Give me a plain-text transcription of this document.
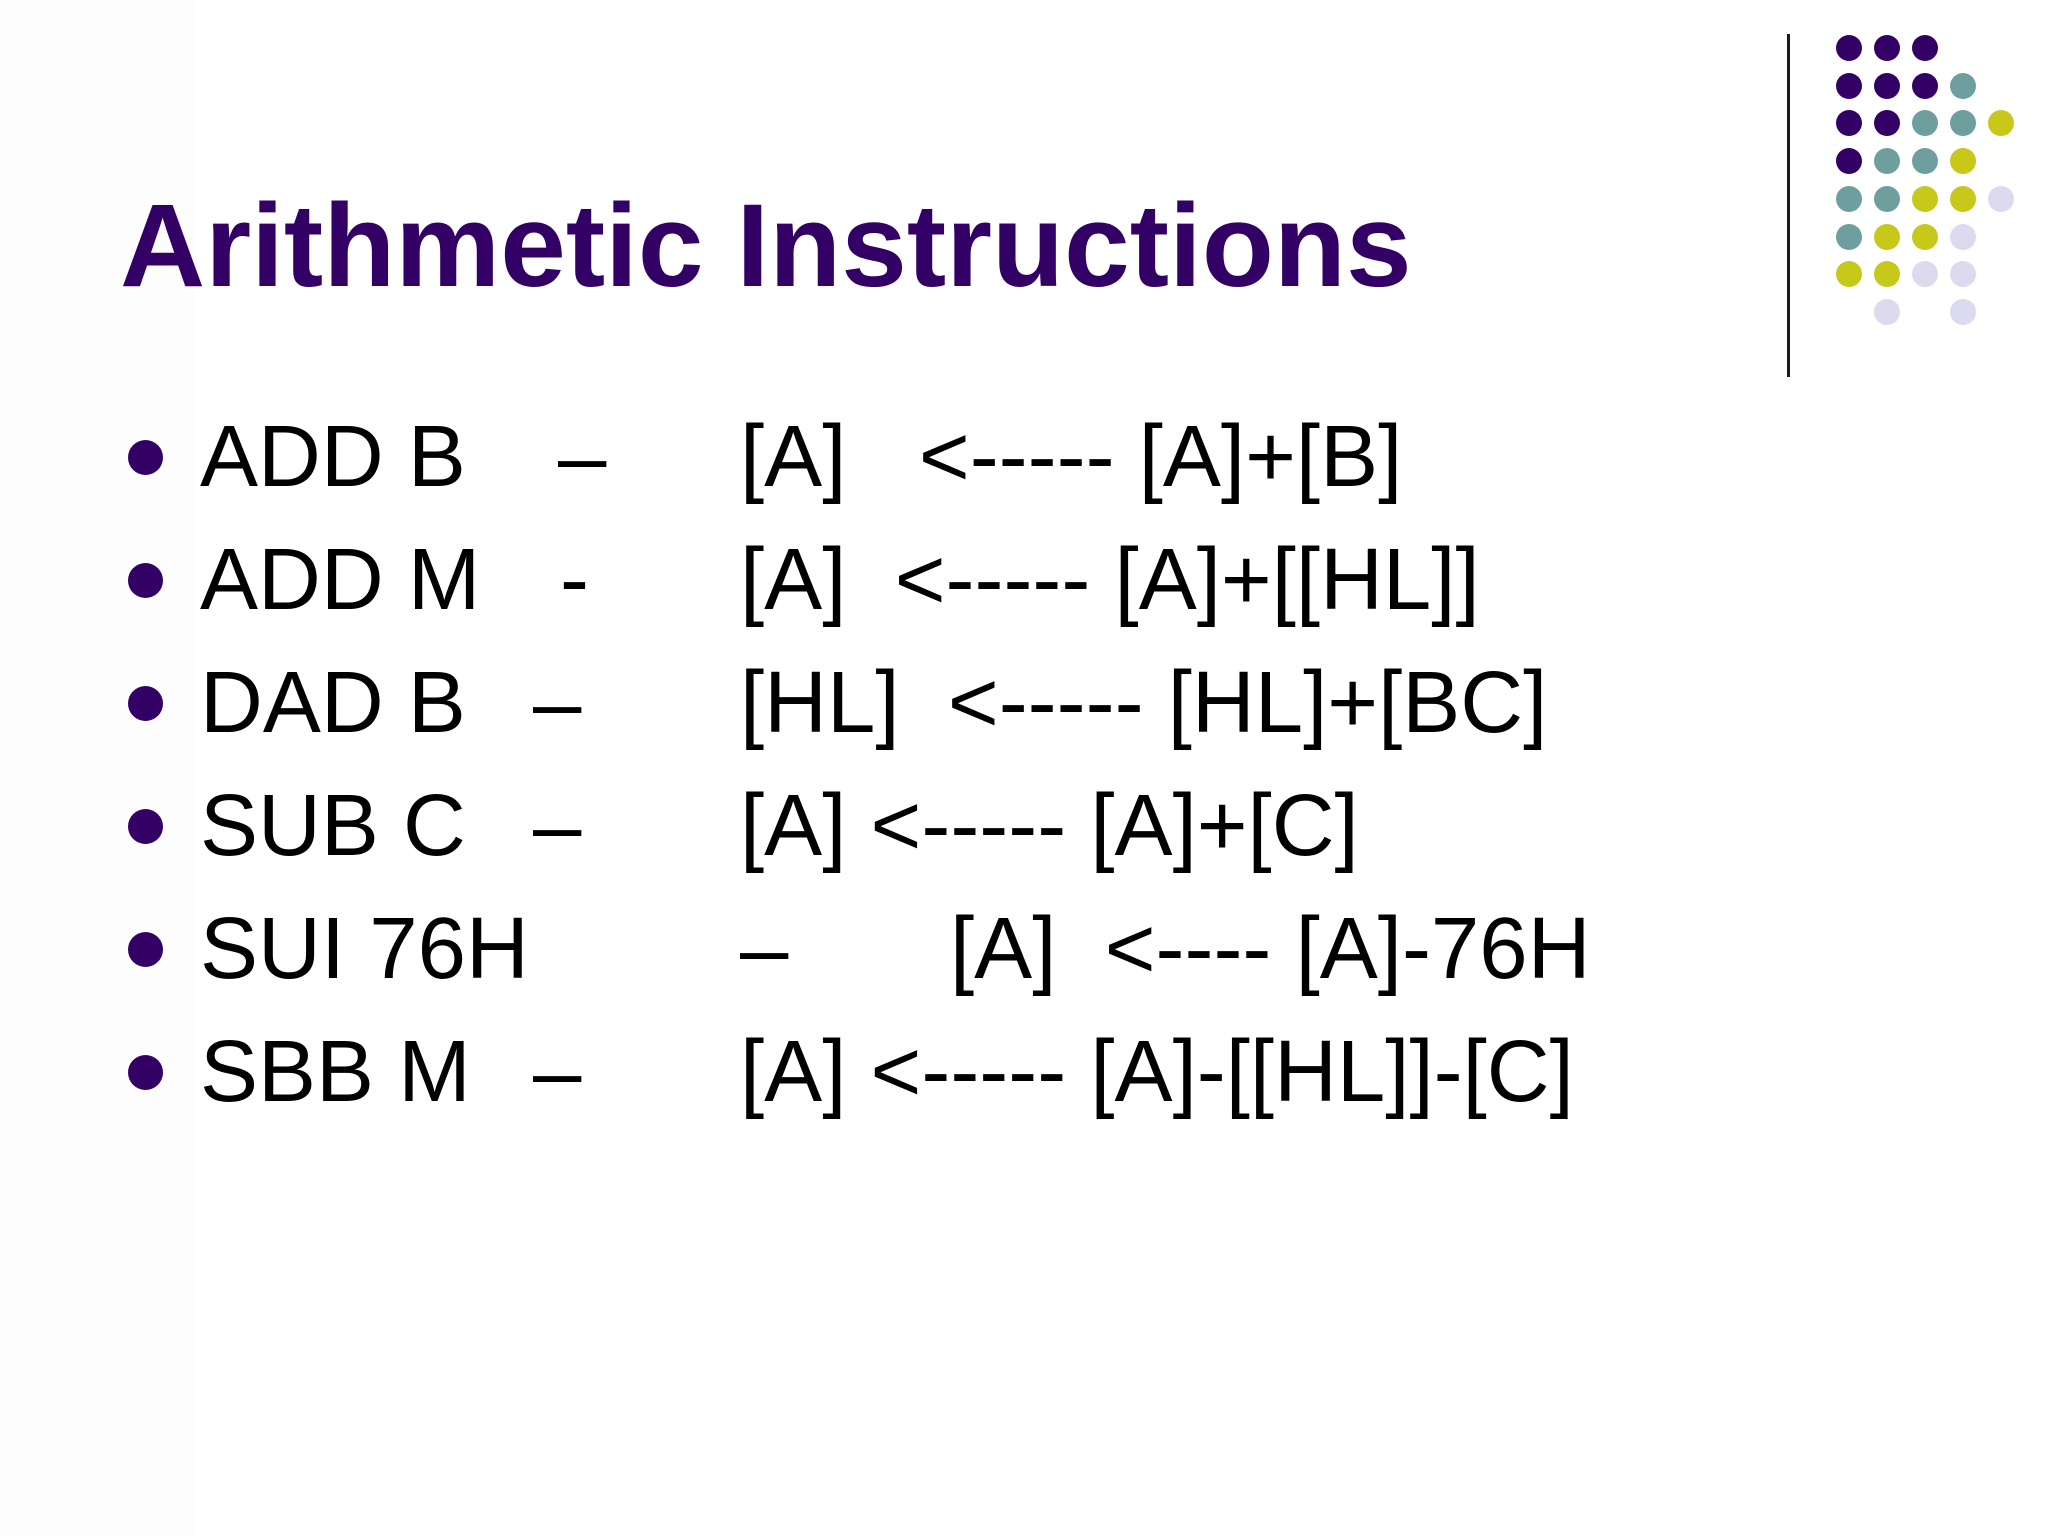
Arithmetic Instructions
ADD B – [A]   <----- [A]+[B]
ADD M - [A]  <----- [A]+[[HL]]
DAD B – [HL]  <----- [HL]+[BC]
SUB C – [A] <----- [A]+[C]
SUI 76H – [A]  <---- [A]-76H
SBB M – [A] <----- [A]-[[HL]]-[C]
